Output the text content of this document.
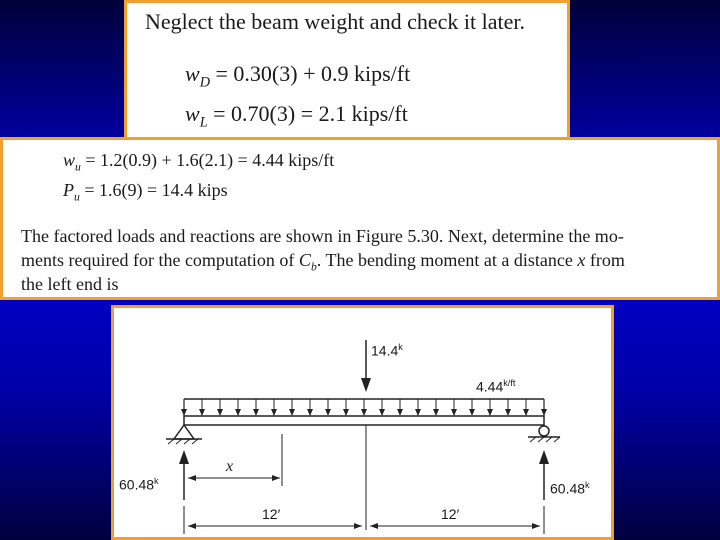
Neglect the beam weight and check it later.
$w_D = 0.30(3) + 0.9$ kips/ft
$w_L = 0.70(3) = 2.1$ kips/ft
$w_u = 1.2(0.9) + 1.6(2.1) = 4.44$ kips/ft
$P_u = 1.6(9) = 14.4$ kips
The factored loads and reactions are shown in Figure 5.30. Next, determine the mo-
ments required for the computation of $C_b$. The bending moment at a distance x from
the left end is
14.4$^k$
$4.44^{k/ft}$
60.48$^k$	60.48$^k$
x
12′	12′
